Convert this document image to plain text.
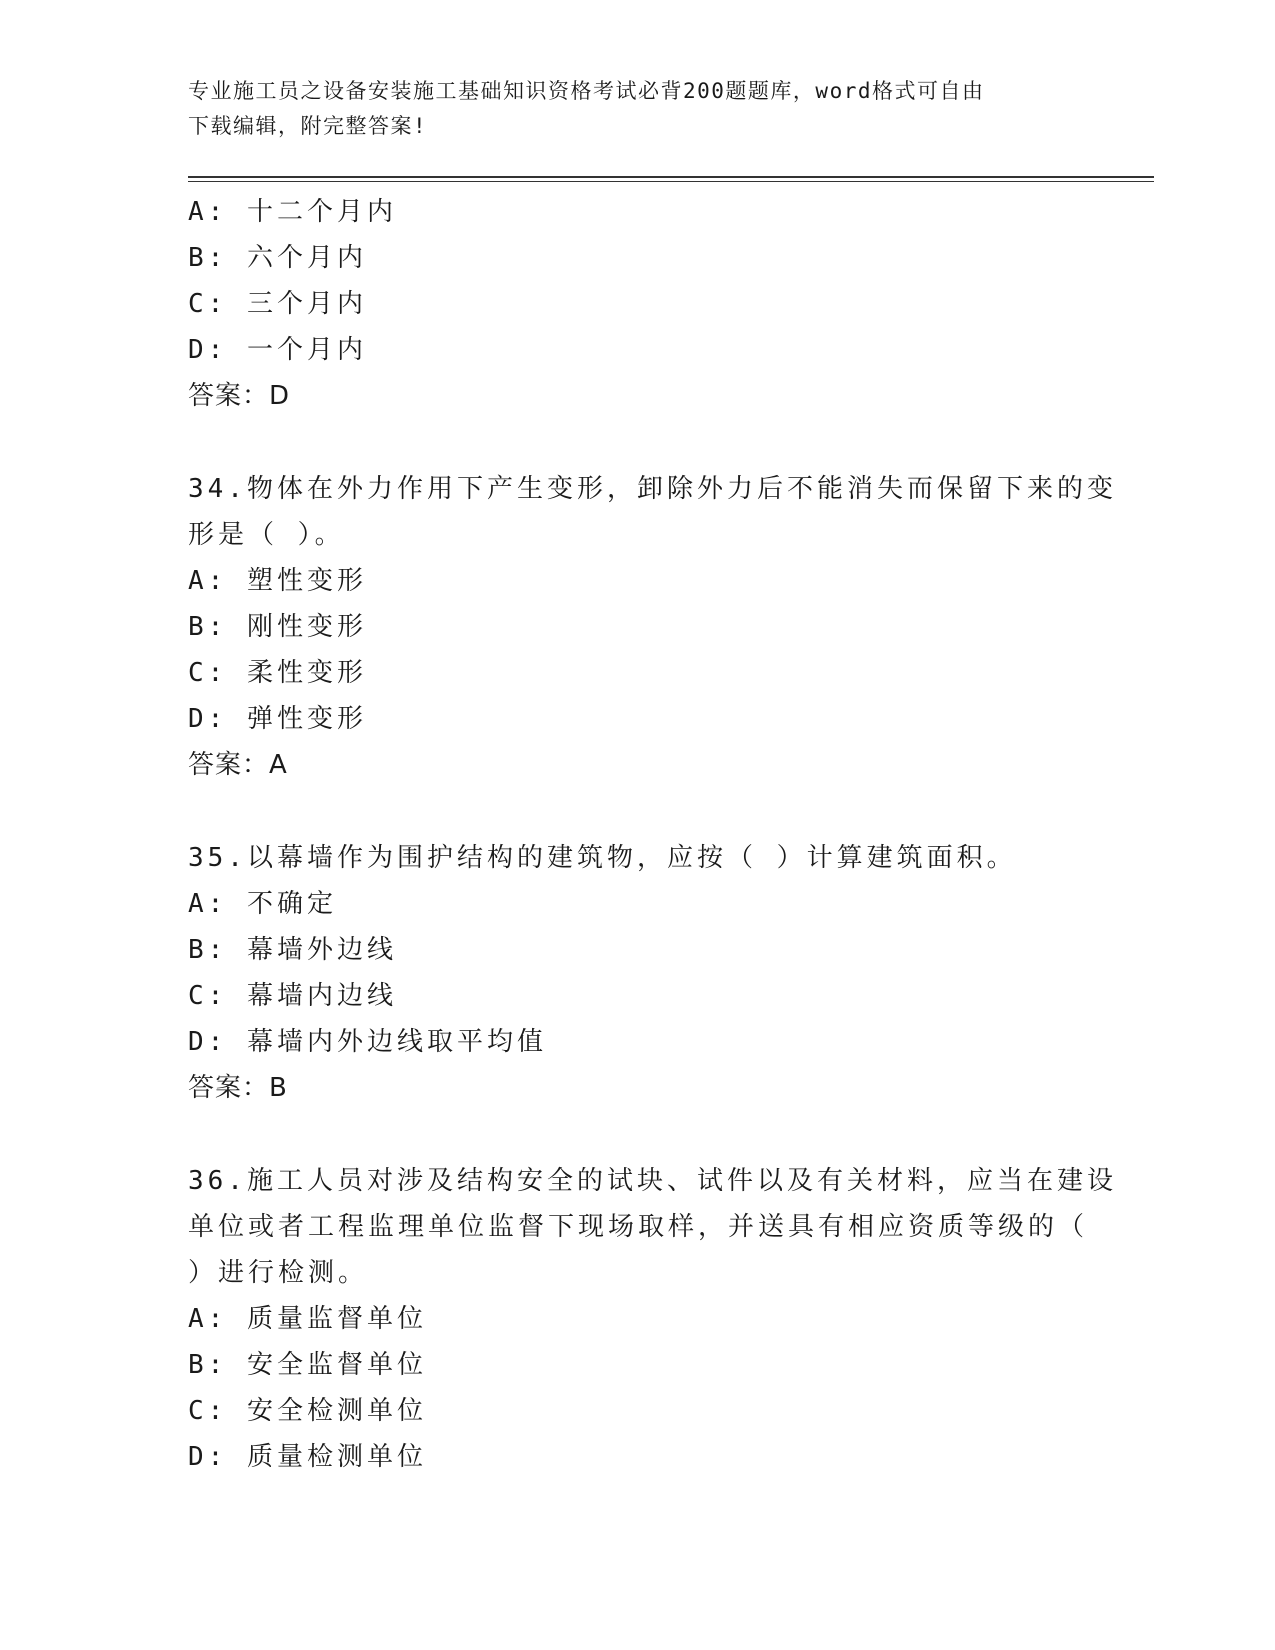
专业施工员之设备安装施工基础知识资格考试必背200题题库，word格式可自由
下载编辑，附完整答案!
A: 十二个月内
B: 六个月内
C: 三个月内
D: 一个月内
答案：D
34.物体在外力作用下产生变形，卸除外力后不能消失而保留下来的变
形是（ ）。
A: 塑性变形
B: 刚性变形
C: 柔性变形
D: 弹性变形
答案：A
35.以幕墙作为围护结构的建筑物，应按（ ）计算建筑面积。
A: 不确定
B: 幕墙外边线
C: 幕墙内边线
D: 幕墙内外边线取平均值
答案：B
36.施工人员对涉及结构安全的试块、试件以及有关材料，应当在建设
单位或者工程监理单位监督下现场取样，并送具有相应资质等级的（
）进行检测。
A: 质量监督单位
B: 安全监督单位
C: 安全检测单位
D: 质量检测单位
